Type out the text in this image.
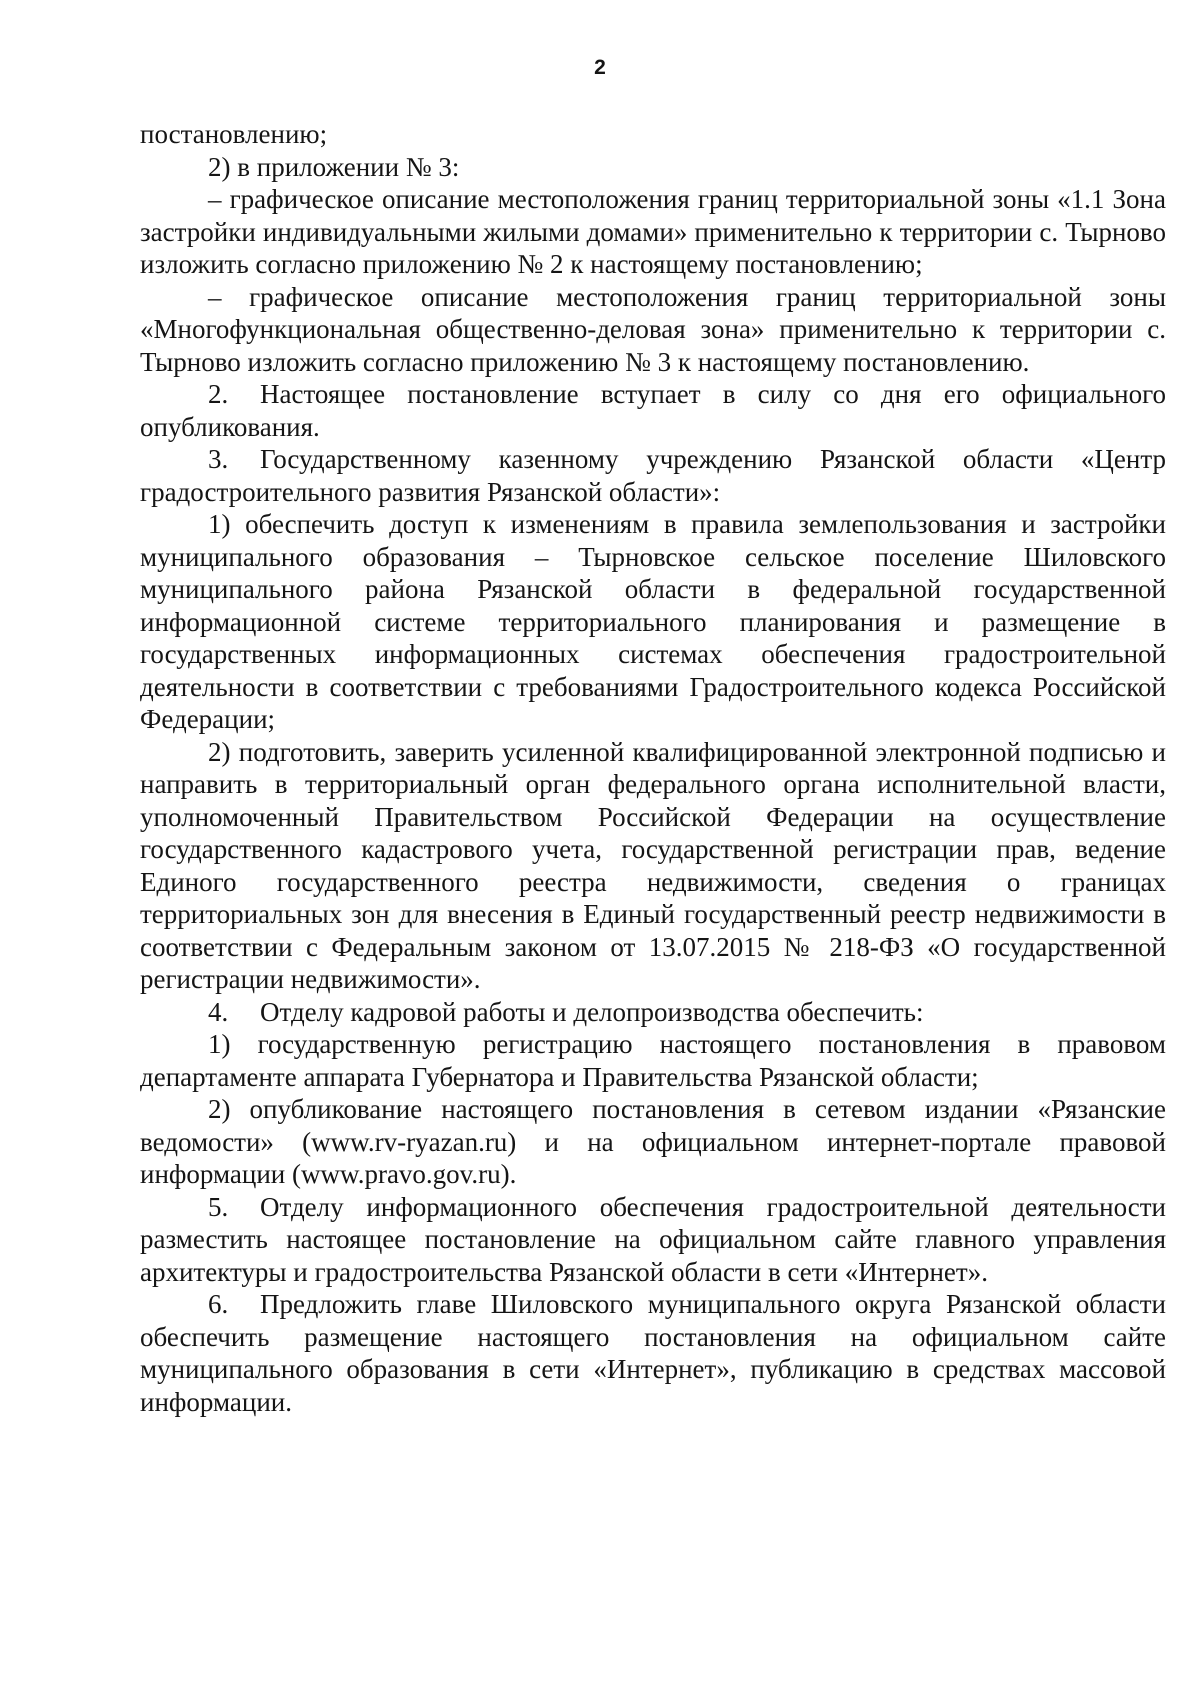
2

постановлению;

2) в приложении № 3:

– графическое описание местоположения границ территориальной зоны «1.1 Зона застройки индивидуальными жилыми домами» применительно к территории с. Тырново изложить согласно приложению № 2 к настоящему постановлению;

– графическое описание местоположения границ территориальной зоны «Многофункциональная общественно-деловая зона» применительно к территории с. Тырново изложить согласно приложению № 3 к настоящему постановлению.

2. Настоящее постановление вступает в силу со дня его официального опубликования.

3. Государственному казенному учреждению Рязанской области «Центр градостроительного развития Рязанской области»:

1) обеспечить доступ к изменениям в правила землепользования и застройки муниципального образования – Тырновское сельское поселение Шиловского муниципального района Рязанской области в федеральной государственной информационной системе территориального планирования и размещение в государственных информационных системах обеспечения градостроительной деятельности в соответствии с требованиями Градостроительного кодекса Российской Федерации;

2) подготовить, заверить усиленной квалифицированной электронной подписью и направить в территориальный орган федерального органа исполнительной власти, уполномоченный Правительством Российской Федерации на осуществление государственного кадастрового учета, государственной регистрации прав, ведение Единого государственного реестра недвижимости, сведения о границах территориальных зон для внесения в Единый государственный реестр недвижимости в соответствии с Федеральным законом от 13.07.2015 № 218-ФЗ «О государственной регистрации недвижимости».

4. Отделу кадровой работы и делопроизводства обеспечить:

1) государственную регистрацию настоящего постановления в правовом департаменте аппарата Губернатора и Правительства Рязанской области;

2) опубликование настоящего постановления в сетевом издании «Рязанские ведомости» (www.rv-ryazan.ru) и на официальном интернет-портале правовой информации (www.pravo.gov.ru).

5. Отделу информационного обеспечения градостроительной деятельности разместить настоящее постановление на официальном сайте главного управления архитектуры и градостроительства Рязанской области в сети «Интернет».

6. Предложить главе Шиловского муниципального округа Рязанской области обеспечить размещение настоящего постановления на официальном сайте муниципального образования в сети «Интернет», публикацию в средствах массовой информации.
